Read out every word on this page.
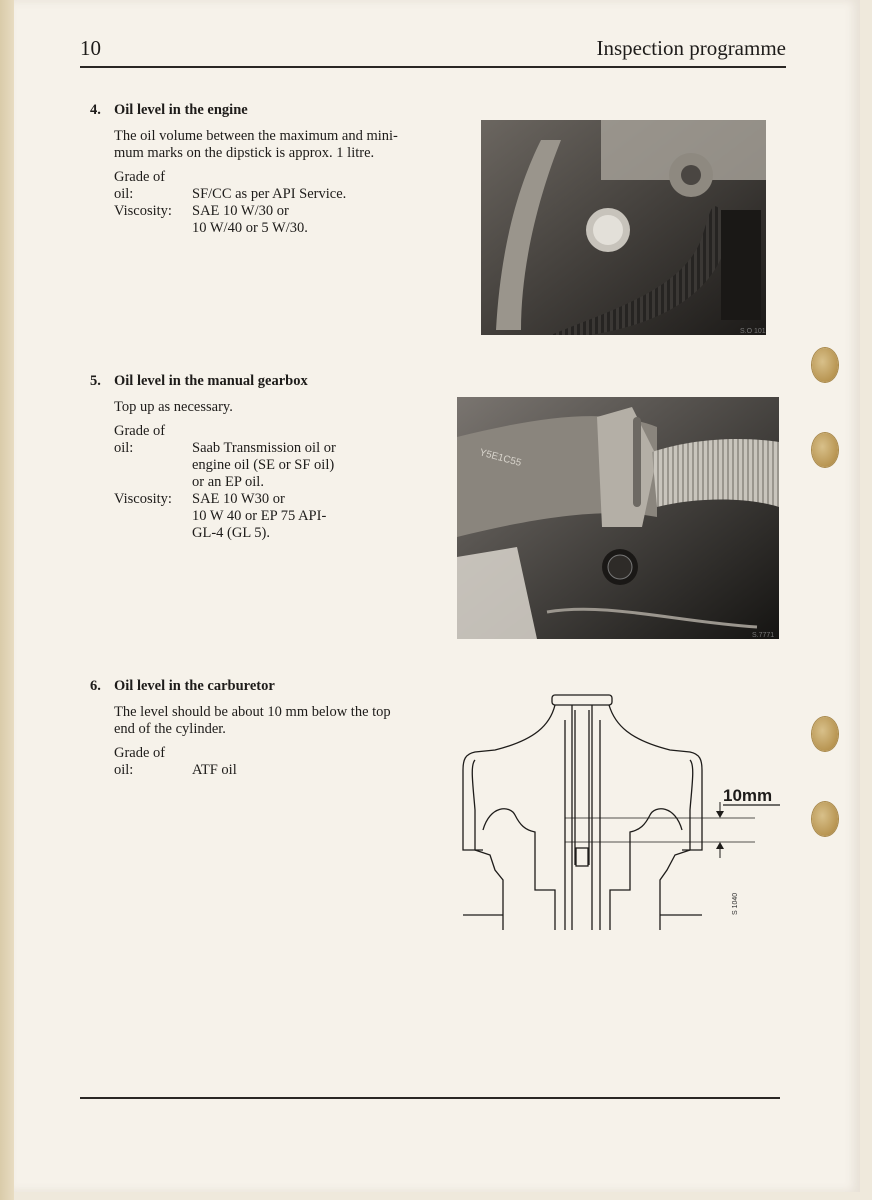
10	Inspection programme
4. Oil level in the engine
The oil volume between the maximum and mini-
mum marks on the dipstick is approx. 1 litre.
Grade of	
oil:	SF/CC as per API Service.
Viscosity:	SAE 10 W/30 or
	10 W/40 or 5 W/30.
S.O 101
5. Oil level in the manual gearbox
Top up as necessary.
Grade of	
oil:	Saab Transmission oil or
	engine oil (SE or SF oil)
	or an EP oil.
Viscosity:	SAE 10 W30 or
	10 W 40 or EP 75 API-
	GL-4 (GL 5).
Y5E1C55
S.7771
6. Oil level in the carburetor
The level should be about 10 mm below the top
end of the cylinder.
Grade of	
oil:	ATF oil
10mm
S 1040
